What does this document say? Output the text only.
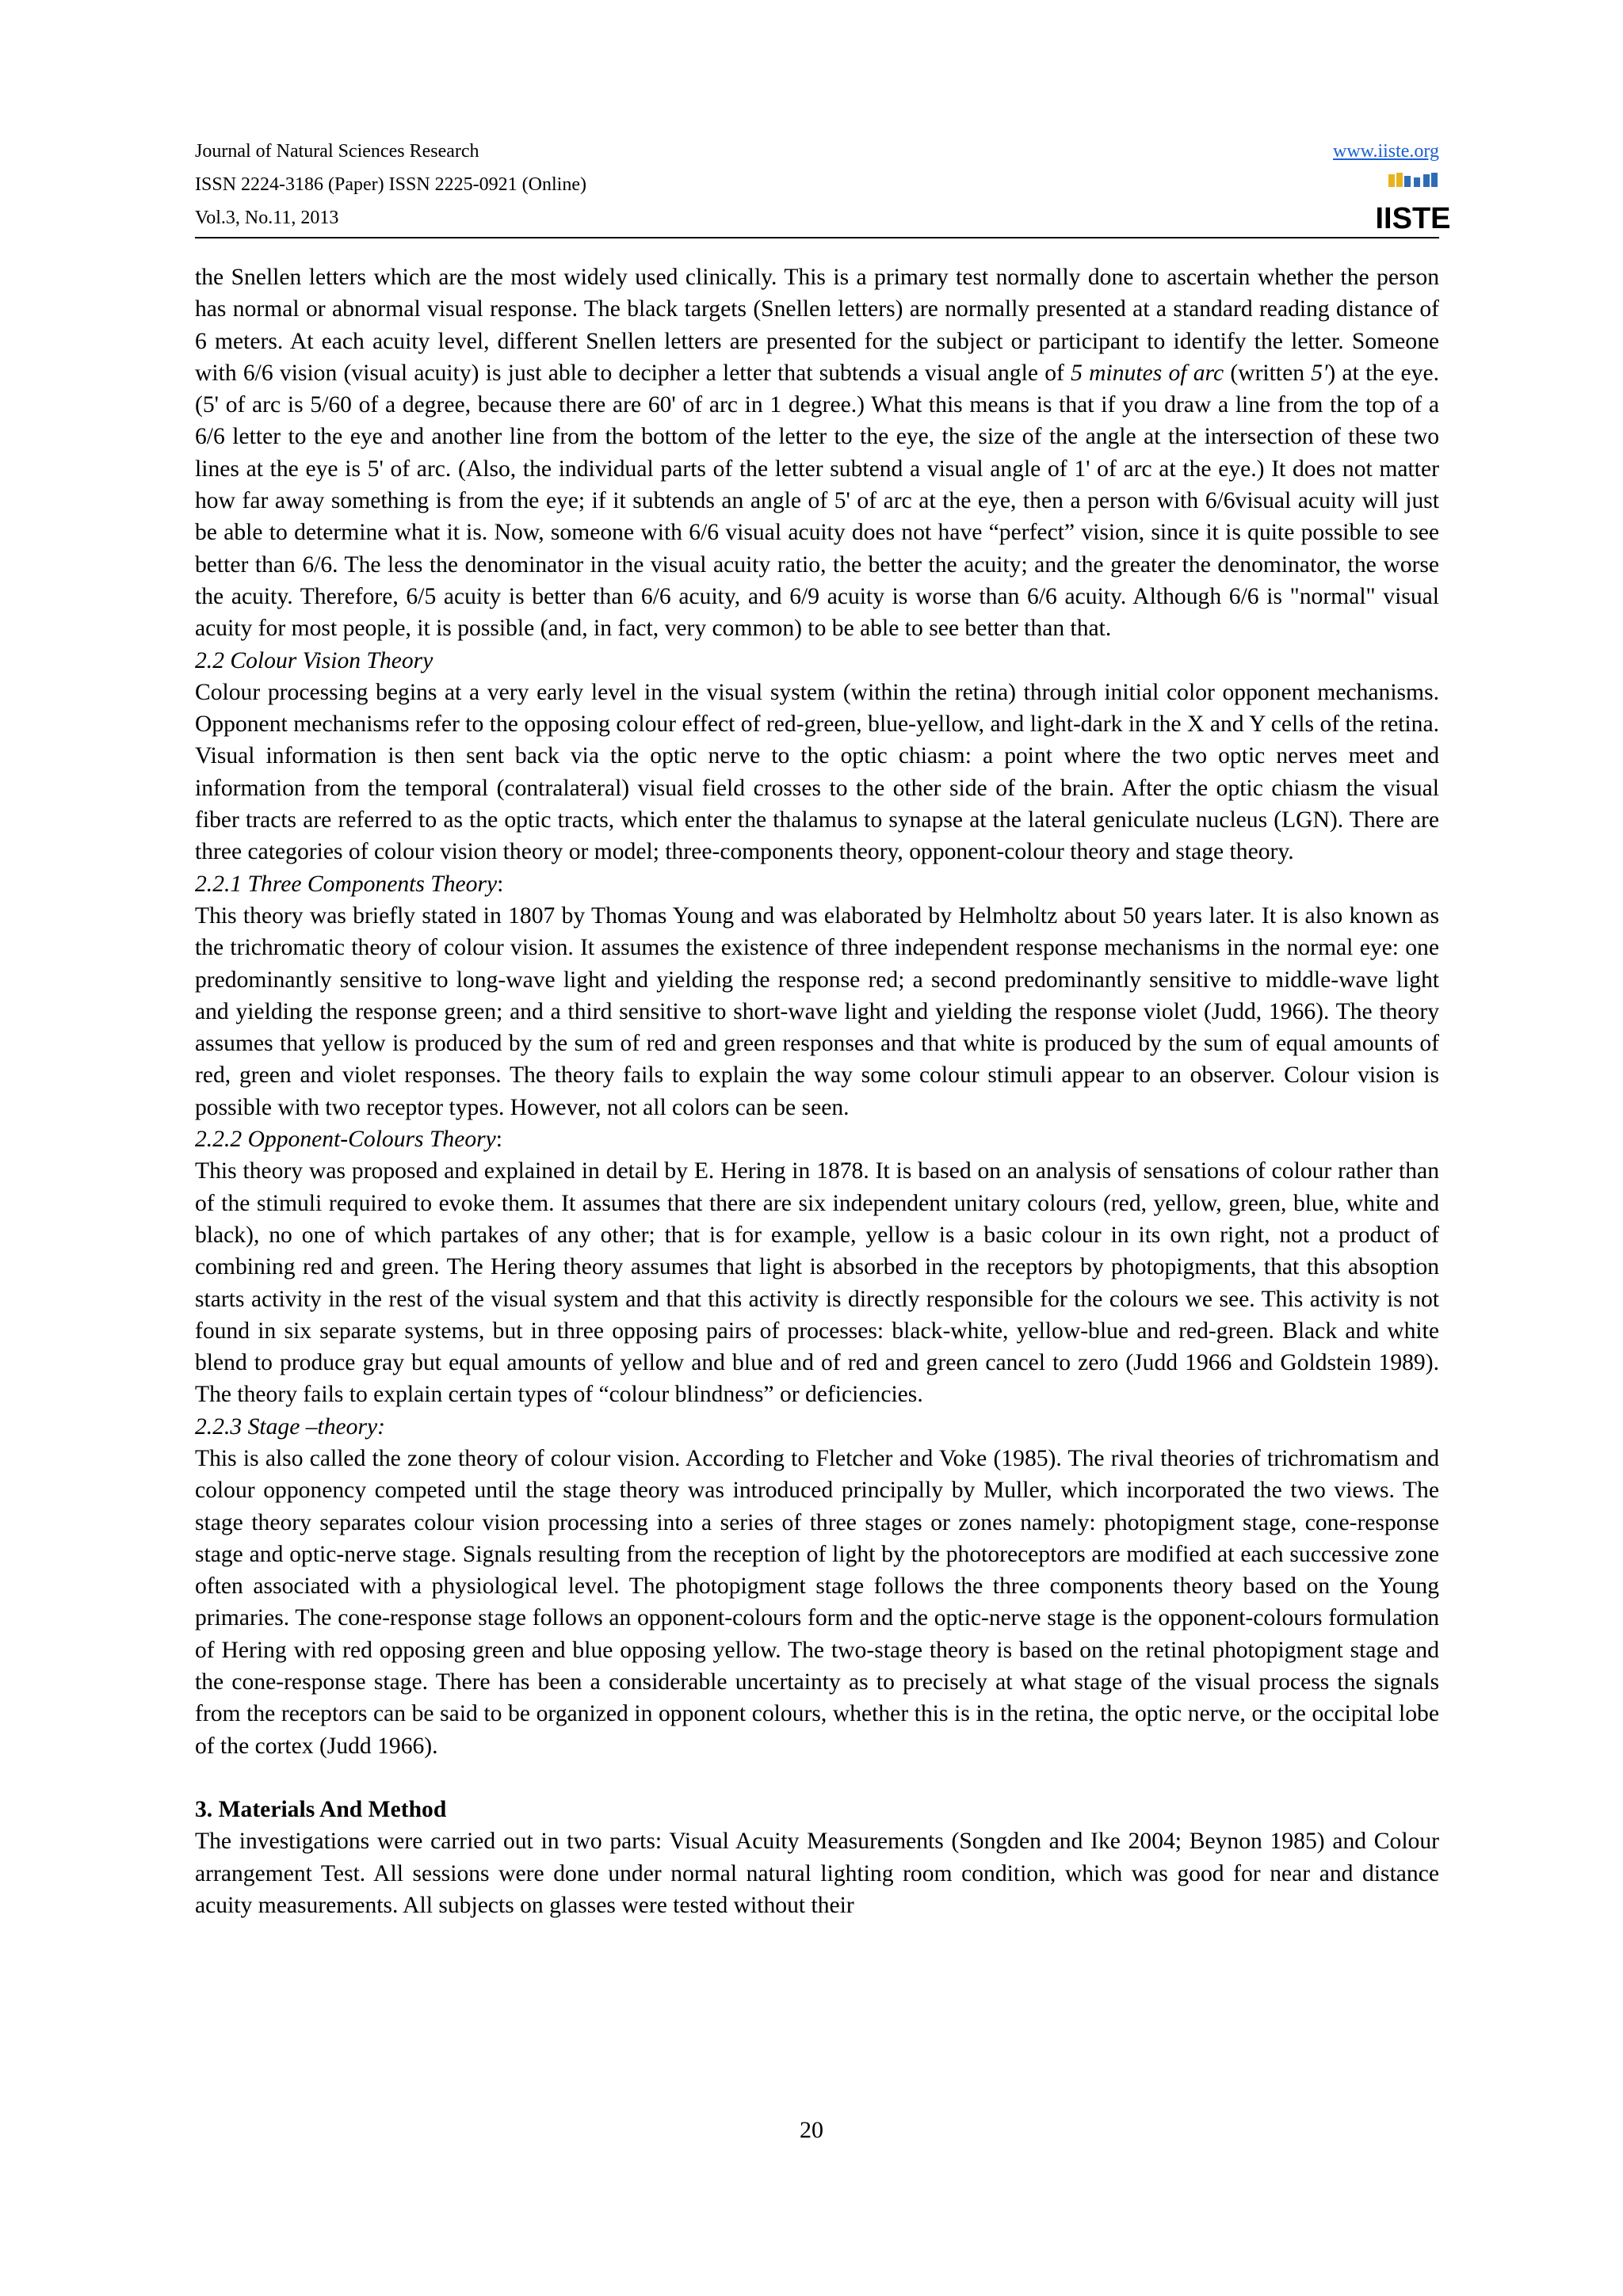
Journal of Natural Sciences Research
ISSN 2224-3186 (Paper) ISSN 2225-0921 (Online)
Vol.3, No.11, 2013
www.iiste.org
IISTE

the Snellen letters which are the most widely used clinically. This is a primary test normally done to ascertain whether the person has normal or abnormal visual response. The black targets (Snellen letters) are normally presented at a standard reading distance of 6 meters. At each acuity level, different Snellen letters are presented for the subject or participant to identify the letter. Someone with 6/6 vision (visual acuity) is just able to decipher a letter that subtends a visual angle of 5 minutes of arc (written 5') at the eye. (5' of arc is 5/60 of a degree, because there are 60' of arc in 1 degree.) What this means is that if you draw a line from the top of a 6/6 letter to the eye and another line from the bottom of the letter to the eye, the size of the angle at the intersection of these two lines at the eye is 5' of arc. (Also, the individual parts of the letter subtend a visual angle of 1' of arc at the eye.) It does not matter how far away something is from the eye; if it subtends an angle of 5' of arc at the eye, then a person with 6/6visual acuity will just be able to determine what it is. Now, someone with 6/6 visual acuity does not have “perfect” vision, since it is quite possible to see better than 6/6. The less the denominator in the visual acuity ratio, the better the acuity; and the greater the denominator, the worse the acuity. Therefore, 6/5 acuity is better than 6/6 acuity, and 6/9 acuity is worse than 6/6 acuity. Although 6/6 is "normal" visual acuity for most people, it is possible (and, in fact, very common) to be able to see better than that.

2.2 Colour Vision Theory

Colour processing begins at a very early level in the visual system (within the retina) through initial color opponent mechanisms. Opponent mechanisms refer to the opposing colour effect of red-green, blue-yellow, and light-dark in the X and Y cells of the retina. Visual information is then sent back via the optic nerve to the optic chiasm: a point where the two optic nerves meet and information from the temporal (contralateral) visual field crosses to the other side of the brain. After the optic chiasm the visual fiber tracts are referred to as the optic tracts, which enter the thalamus to synapse at the lateral geniculate nucleus (LGN). There are three categories of colour vision theory or model; three-components theory, opponent-colour theory and stage theory.

2.2.1 Three Components Theory:

This theory was briefly stated in 1807 by Thomas Young and was elaborated by Helmholtz about 50 years later. It is also known as the trichromatic theory of colour vision. It assumes the existence of three independent response mechanisms in the normal eye: one predominantly sensitive to long-wave light and yielding the response red; a second predominantly sensitive to middle-wave light and yielding the response green; and a third sensitive to short-wave light and yielding the response violet (Judd, 1966). The theory assumes that yellow is produced by the sum of red and green responses and that white is produced by the sum of equal amounts of red, green and violet responses. The theory fails to explain the way some colour stimuli appear to an observer. Colour vision is possible with two receptor types. However, not all colors can be seen.

2.2.2 Opponent-Colours Theory:

This theory was proposed and explained in detail by E. Hering in 1878. It is based on an analysis of sensations of colour rather than of the stimuli required to evoke them. It assumes that there are six independent unitary colours (red, yellow, green, blue, white and black), no one of which partakes of any other; that is for example, yellow is a basic colour in its own right, not a product of combining red and green. The Hering theory assumes that light is absorbed in the receptors by photopigments, that this absoption starts activity in the rest of the visual system and that this activity is directly responsible for the colours we see. This activity is not found in six separate systems, but in three opposing pairs of processes: black-white, yellow-blue and red-green. Black and white blend to produce gray but equal amounts of yellow and blue and of red and green cancel to zero (Judd 1966 and Goldstein 1989). The theory fails to explain certain types of “colour blindness” or deficiencies.

2.2.3 Stage –theory:

This is also called the zone theory of colour vision. According to Fletcher and Voke (1985). The rival theories of trichromatism and colour opponency competed until the stage theory was introduced principally by Muller, which incorporated the two views. The stage theory separates colour vision processing into a series of three stages or zones namely: photopigment stage, cone-response stage and optic-nerve stage. Signals resulting from the reception of light by the photoreceptors are modified at each successive zone often associated with a physiological level. The photopigment stage follows the three components theory based on the Young primaries. The cone-response stage follows an opponent-colours form and the optic-nerve stage is the opponent-colours formulation of Hering with red opposing green and blue opposing yellow. The two-stage theory is based on the retinal photopigment stage and the cone-response stage. There has been a considerable uncertainty as to precisely at what stage of the visual process the signals from the receptors can be said to be organized in opponent colours, whether this is in the retina, the optic nerve, or the occipital lobe of the cortex (Judd 1966).

3. Materials And Method

The investigations were carried out in two parts: Visual Acuity Measurements (Songden and Ike 2004; Beynon 1985) and Colour arrangement Test. All sessions were done under normal natural lighting room condition, which was good for near and distance acuity measurements. All subjects on glasses were tested without their

20
